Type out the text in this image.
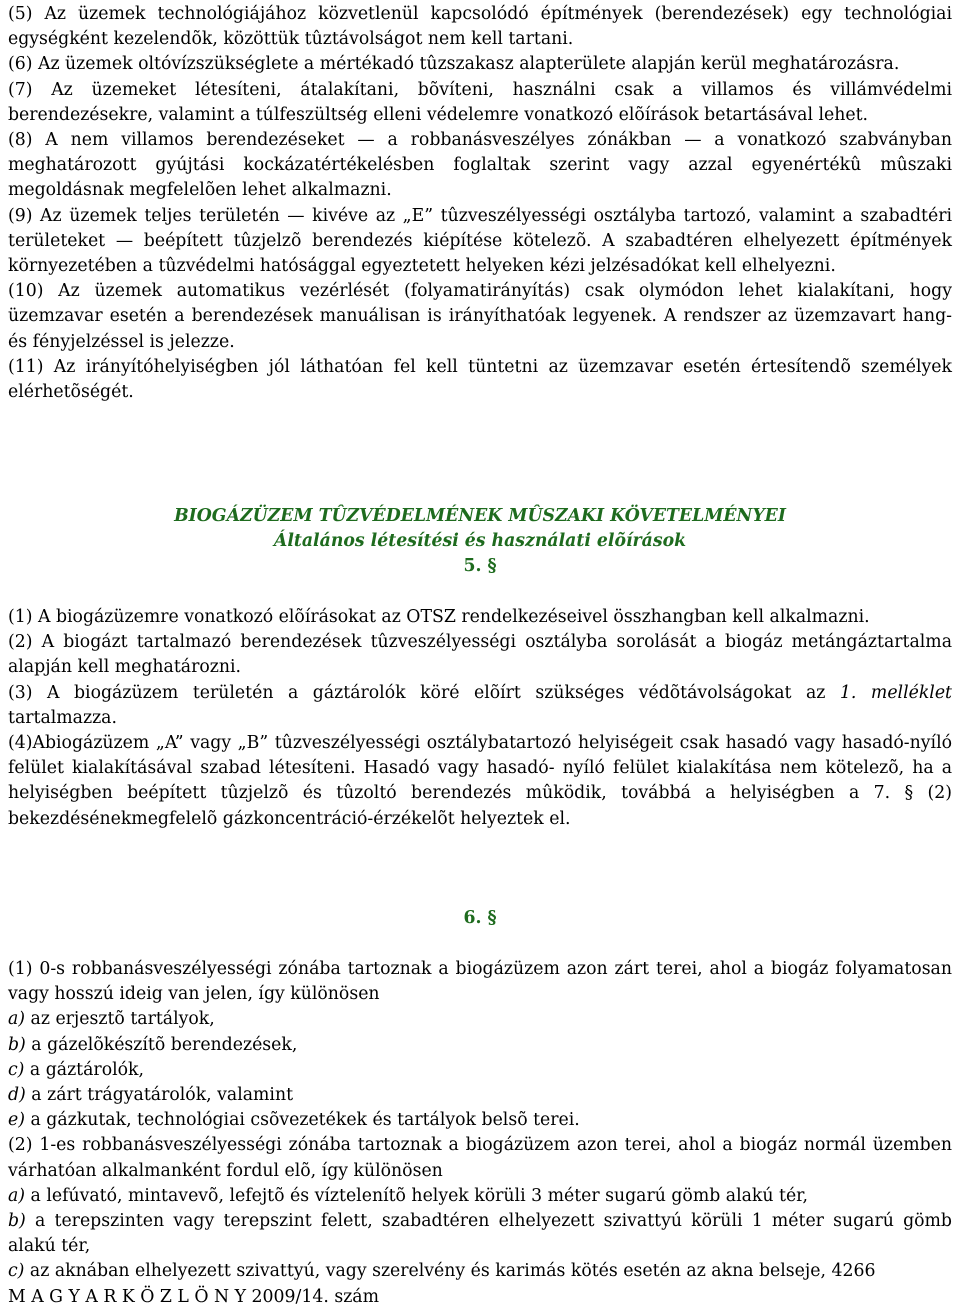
(5) Az üzemek technológiájához közvetlenül kapcsolódó építmények (berendezések) egy technológiai egységként kezelendõk, közöttük tûztávolságot nem kell tartani.

(6) Az üzemek oltóvízszükséglete a mértékadó tûzszakasz alapterülete alapján kerül meghatározásra.

(7) Az üzemeket létesíteni, átalakítani, bõvíteni, használni csak a villamos és villámvédelmi berendezésekre, valamint a túlfeszültség elleni védelemre vonatkozó elõírások betartásával lehet.

(8) A nem villamos berendezéseket — a robbanásveszélyes zónákban — a vonatkozó szabványban meghatározott gyújtási kockázatértékelésben foglaltak szerint vagy azzal egyenértékû mûszaki megoldásnak megfelelõen lehet alkalmazni.

(9) Az üzemek teljes területén — kivéve az „E” tûzveszélyességi osztályba tartozó, valamint a szabadtéri területeket — beépített tûzjelzõ berendezés kiépítése kötelezõ. A szabadtéren elhelyezett építmények környezetében a tûzvédelmi hatósággal egyeztetett helyeken kézi jelzésadókat kell elhelyezni.

(10) Az üzemek automatikus vezérlését (folyamatirányítás) csak olymódon lehet kialakítani, hogy üzemzavar esetén a berendezések manuálisan is irányíthatóak legyenek. A rendszer az üzemzavart hang- és fényjelzéssel is jelezze.

(11) Az irányítóhelyiségben jól láthatóan fel kell tüntetni az üzemzavar esetén értesítendõ személyek elérhetõségét.

BIOGÁZÜZEM TÛZVÉDELMÉNEK MÛSZAKI KÖVETELMÉNYEI

Általános létesítési és használati elõírások

5. §

(1) A biogázüzemre vonatkozó elõírásokat az OTSZ rendelkezéseivel összhangban kell alkalmazni.

(2) A biogázt tartalmazó berendezések tûzveszélyességi osztályba sorolását a biogáz metángáztartalma alapján kell meghatározni.

(3) A biogázüzem területén a gáztárolók köré elõírt szükséges védõtávolságokat az 1. melléklet tartalmazza.

(4)Abiogázüzem „A” vagy „B” tûzveszélyességi osztálybatartozó helyiségeit csak hasadó vagy hasadó-nyíló felület kialakításával szabad létesíteni. Hasadó vagy hasadó- nyíló felület kialakítása nem kötelezõ, ha a helyiségben beépített tûzjelzõ és tûzoltó berendezés mûködik, továbbá a helyiségben a 7. § (2) bekezdésénekmegfelelõ gázkoncentráció-érzékelõt helyeztek el.

6. §

(1) 0-s robbanásveszélyességi zónába tartoznak a biogázüzem azon zárt terei, ahol a biogáz folyamatosan vagy hosszú ideig van jelen, így különösen

a) az erjesztõ tartályok,

b) a gázelõkészítõ berendezések,

c) a gáztárolók,

d) a zárt trágyatárolók, valamint

e) a gázkutak, technológiai csõvezetékek és tartályok belsõ terei.

(2) 1-es robbanásveszélyességi zónába tartoznak a biogázüzem azon terei, ahol a biogáz normál üzemben várhatóan alkalmanként fordul elõ, így különösen

a) a lefúvató, mintavevõ, lefejtõ és víztelenítõ helyek körüli 3 méter sugarú gömb alakú tér,

b) a terepszinten vagy terepszint felett, szabadtéren elhelyezett szivattyú körüli 1 méter sugarú gömb alakú tér,

c) az aknában elhelyezett szivattyú, vagy szerelvény és karimás kötés esetén az akna belseje, 4266

M A G Y A R K Ö Z L Ö N Y 2009/14. szám
